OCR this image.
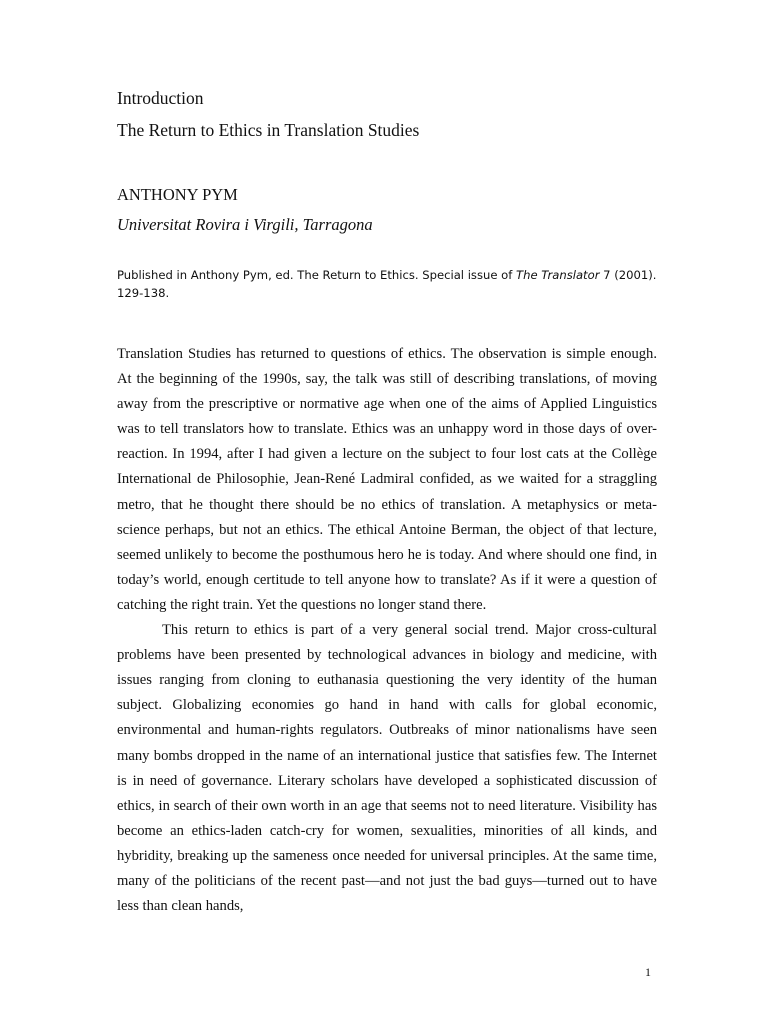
Introduction
The Return to Ethics in Translation Studies

ANTHONY PYM

Universitat Rovira i Virgili, Tarragona

Published in Anthony Pym, ed. The Return to Ethics. Special issue of The Translator 7 (2001). 129-138.

Translation Studies has returned to questions of ethics. The observation is simple enough. At the beginning of the 1990s, say, the talk was still of describing translations, of moving away from the prescriptive or normative age when one of the aims of Applied Linguistics was to tell translators how to translate. Ethics was an unhappy word in those days of over-reaction. In 1994, after I had given a lecture on the subject to four lost cats at the Collège International de Philosophie, Jean-René Ladmiral confided, as we waited for a straggling metro, that he thought there should be no ethics of translation. A metaphysics or meta-science perhaps, but not an ethics. The ethical Antoine Berman, the object of that lecture, seemed unlikely to become the posthumous hero he is today. And where should one find, in today’s world, enough certitude to tell anyone how to translate? As if it were a question of catching the right train. Yet the questions no longer stand there.

This return to ethics is part of a very general social trend. Major cross-cultural problems have been presented by technological advances in biology and medicine, with issues ranging from cloning to euthanasia questioning the very identity of the human subject. Globalizing economies go hand in hand with calls for global economic, environmental and human-rights regulators. Outbreaks of minor nationalisms have seen many bombs dropped in the name of an international justice that satisfies few. The Internet is in need of governance. Literary scholars have developed a sophisticated discussion of ethics, in search of their own worth in an age that seems not to need literature. Visibility has become an ethics-laden catch-cry for women, sexualities, minorities of all kinds, and hybridity, breaking up the sameness once needed for universal principles. At the same time, many of the politicians of the recent past—and not just the bad guys—turned out to have less than clean hands,

1
